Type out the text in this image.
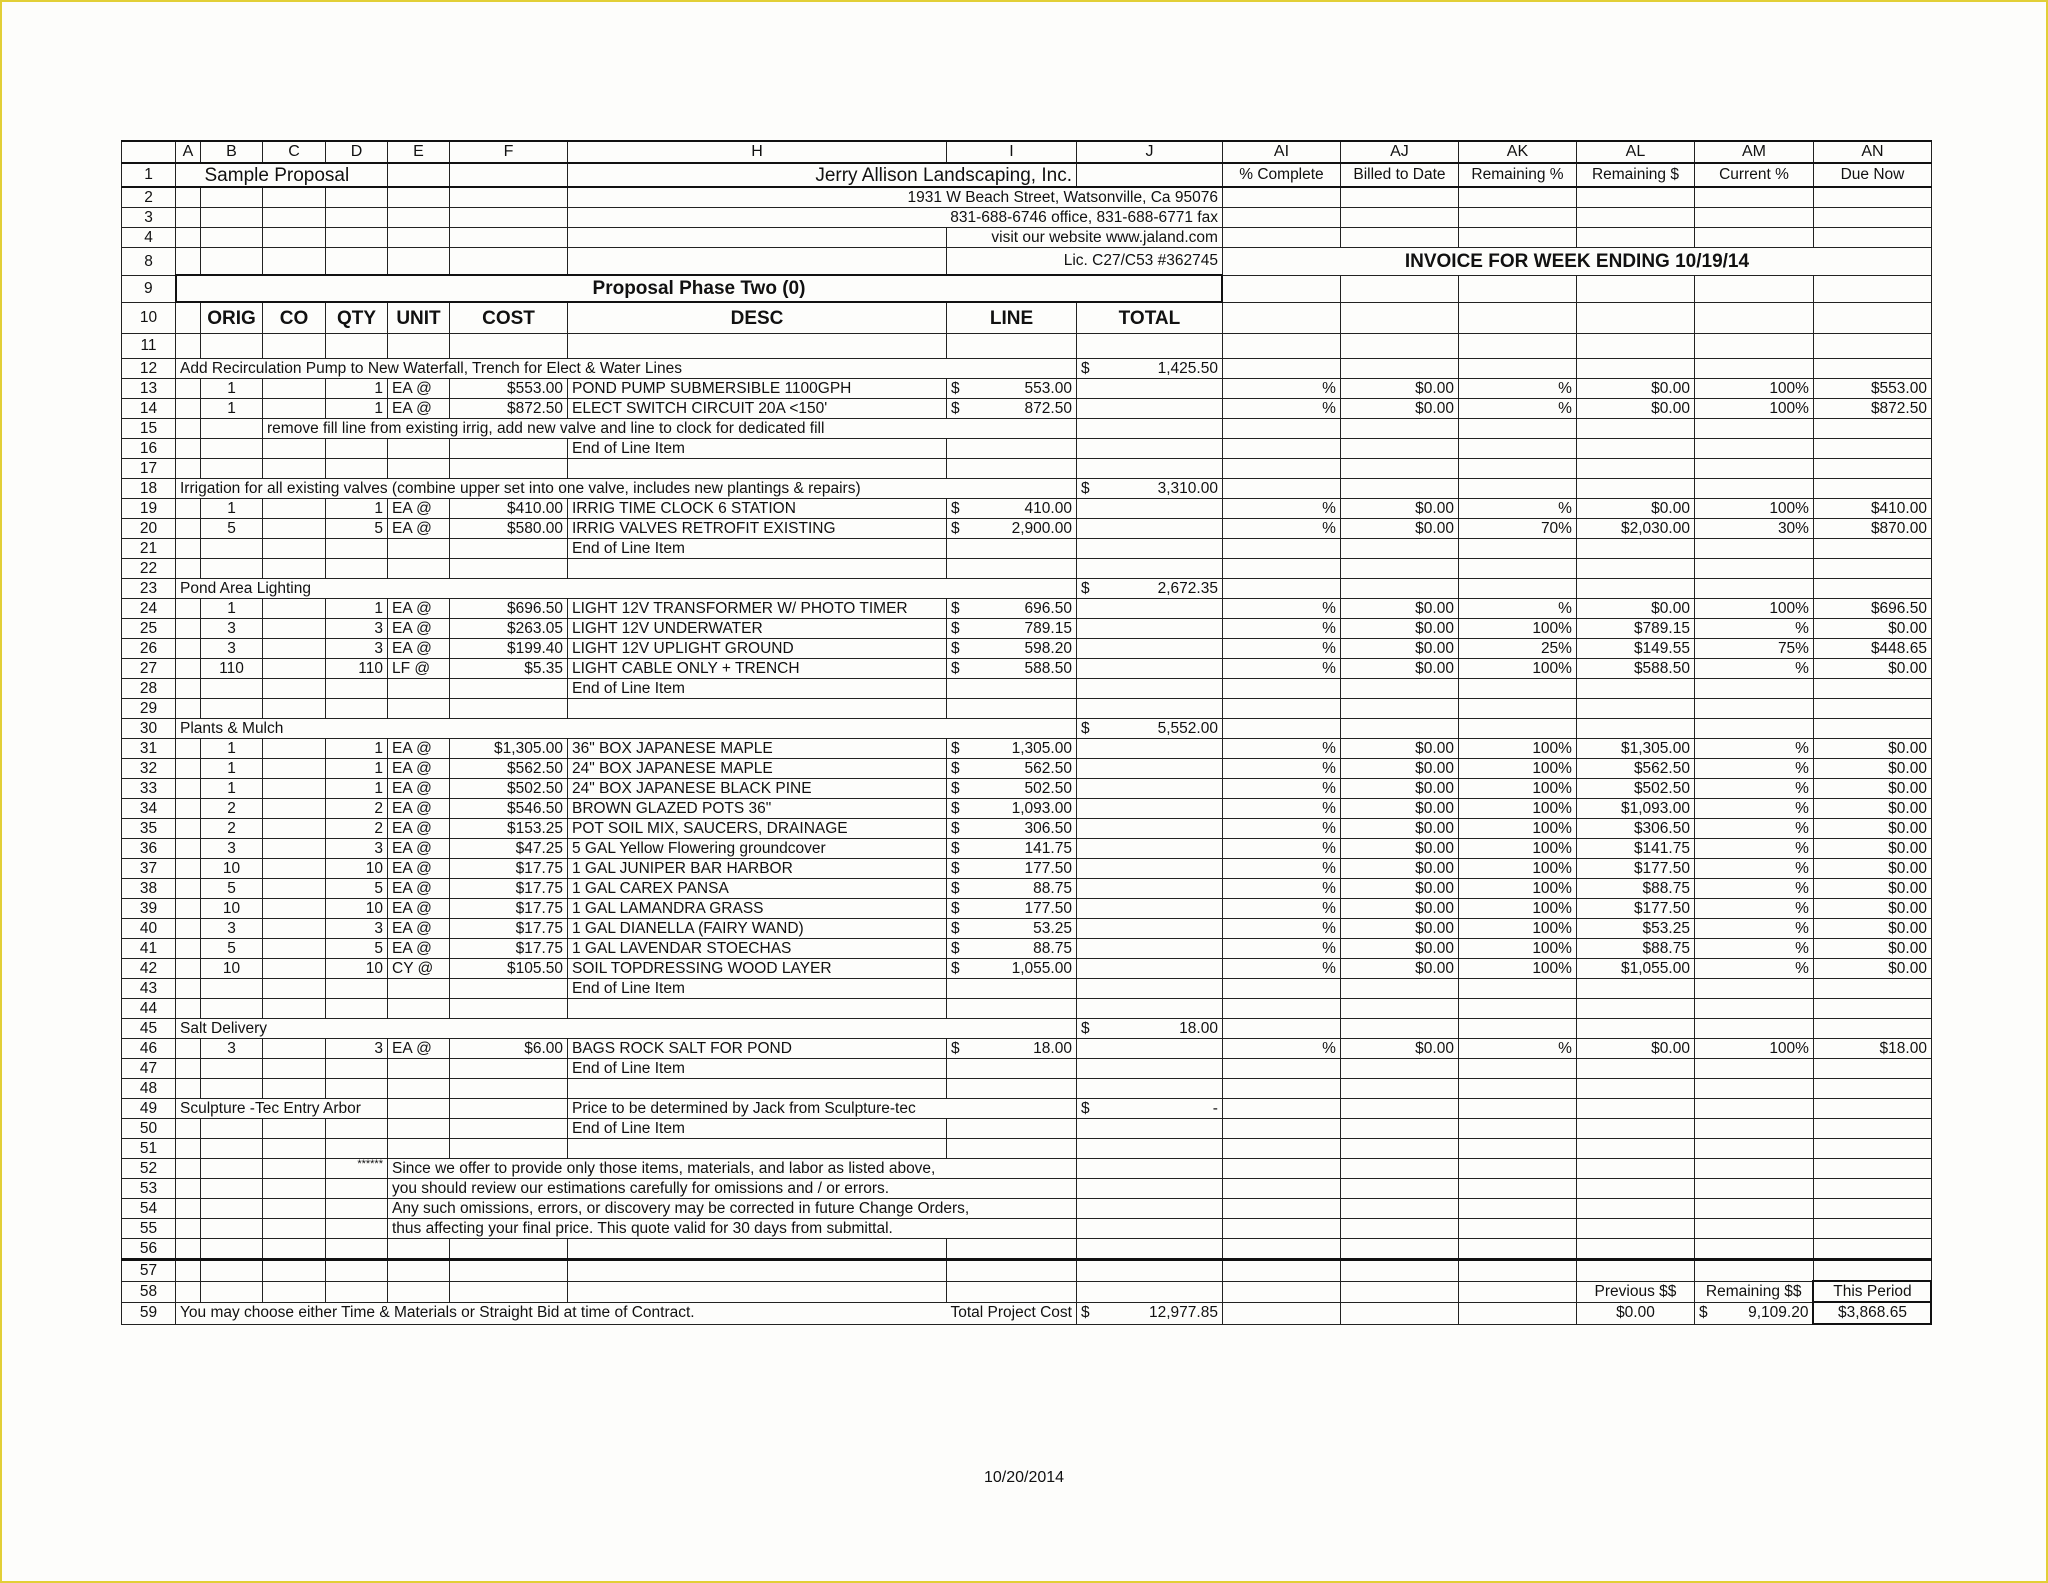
	A	B	C	D	E	F	H	I	J	AI	AJ	AK	AL	AM	AN
1		Sample Proposal					Jerry Allison Landscaping, Inc.			% Complete	Billed to Date	Remaining %	Remaining $	Current %	Due Now
2							1931 W Beach Street, Watsonville, Ca 95076								
3							831-688-6746 office, 831-688-6771 fax								
4								visit our website www.jaland.com							
8								Lic. C27/C53 #362745		INVOICE FOR WEEK ENDING 10/19/14					
9	Proposal Phase Two (0)														
10		ORIG	CO	QTY	UNIT	COST	DESC	LINE	TOTAL						
11															
12	Add Recirculation Pump to New Waterfall, Trench for Elect & Water Lines								$ 1,425.50						

13		1		1	EA @	$553.00	POND PUMP SUBMERSIBLE 1100GPH	$ 553.00		%	$0.00	%	$0.00	100%	$553.00
14		1		1	EA @	$872.50	ELECT SWITCH CIRCUIT 20A <150'	$ 872.50		%	$0.00	%	$0.00	100%	$872.50
15			remove fill line from existing irrig, add new valve and line to clock for dedicated fill												
16							End of Line Item								
17															
18	Irrigation for all existing valves (combine upper set into one valve, includes new plantings & repairs)								$ 3,310.00						

19		1		1	EA @	$410.00	IRRIG TIME CLOCK 6 STATION	$ 410.00		%	$0.00	%	$0.00	100%	$410.00
20		5		5	EA @	$580.00	IRRIG VALVES RETROFIT EXISTING	$ 2,900.00		%	$0.00	70%	$2,030.00	30%	$870.00
21							End of Line Item								
22															
23	Pond Area Lighting								$ 2,672.35						

24		1		1	EA @	$696.50	LIGHT 12V TRANSFORMER W/ PHOTO TIMER	$ 696.50		%	$0.00	%	$0.00	100%	$696.50
25		3		3	EA @	$263.05	LIGHT 12V UNDERWATER	$ 789.15		%	$0.00	100%	$789.15	%	$0.00
26		3		3	EA @	$199.40	LIGHT 12V UPLIGHT GROUND	$ 598.20		%	$0.00	25%	$149.55	75%	$448.65
27		110		110	LF @	$5.35	LIGHT CABLE ONLY + TRENCH	$ 588.50		%	$0.00	100%	$588.50	%	$0.00
28							End of Line Item								
29															
30	Plants & Mulch								$ 5,552.00						

31		1		1	EA @	$1,305.00	36" BOX JAPANESE MAPLE	$ 1,305.00		%	$0.00	100%	$1,305.00	%	$0.00
32		1		1	EA @	$562.50	24" BOX JAPANESE MAPLE	$ 562.50		%	$0.00	100%	$562.50	%	$0.00
33		1		1	EA @	$502.50	24" BOX JAPANESE BLACK PINE	$ 502.50		%	$0.00	100%	$502.50	%	$0.00
34		2		2	EA @	$546.50	BROWN GLAZED POTS 36"	$ 1,093.00		%	$0.00	100%	$1,093.00	%	$0.00
35		2		2	EA @	$153.25	POT SOIL MIX, SAUCERS, DRAINAGE	$ 306.50		%	$0.00	100%	$306.50	%	$0.00
36		3		3	EA @	$47.25	5 GAL Yellow Flowering groundcover	$ 141.75		%	$0.00	100%	$141.75	%	$0.00
37		10		10	EA @	$17.75	1 GAL JUNIPER BAR HARBOR	$ 177.50		%	$0.00	100%	$177.50	%	$0.00
38		5		5	EA @	$17.75	1 GAL CAREX PANSA	$ 88.75		%	$0.00	100%	$88.75	%	$0.00
39		10		10	EA @	$17.75	1 GAL LAMANDRA GRASS	$ 177.50		%	$0.00	100%	$177.50	%	$0.00
40		3		3	EA @	$17.75	1 GAL DIANELLA (FAIRY WAND)	$ 53.25		%	$0.00	100%	$53.25	%	$0.00
41		5		5	EA @	$17.75	1 GAL LAVENDAR STOECHAS	$ 88.75		%	$0.00	100%	$88.75	%	$0.00
42		10		10	CY @	$105.50	SOIL TOPDRESSING WOOD LAYER	$ 1,055.00		%	$0.00	100%	$1,055.00	%	$0.00
43							End of Line Item								
44															
45	Salt Delivery								$ 18.00						

46		3		3	EA @	$6.00	BAGS ROCK SALT FOR POND	$ 18.00		%	$0.00	%	$0.00	100%	$18.00
47							End of Line Item								
48															
49	Sculpture -Tec Entry Arbor						Price to be determined by Jack from Sculpture-tec		$ -						

50							End of Line Item								
51															
52				******	Since we offer to provide only those items, materials, and labor as listed above,										
53					you should review our estimations carefully for omissions and / or errors.										
54					Any such omissions, errors, or discovery may be corrected in future Change Orders,										
55					thus affecting your final price. This quote valid for 30 days from submittal.										
56															
57															
58													Previous $$	Remaining $$	This Period
59	You may choose either Time & Materials or Straight Bid at time of Contract.							Total Project Cost	$ 12,977.85				$0.00	$ 9,109.20	$3,868.65
10/20/2014
